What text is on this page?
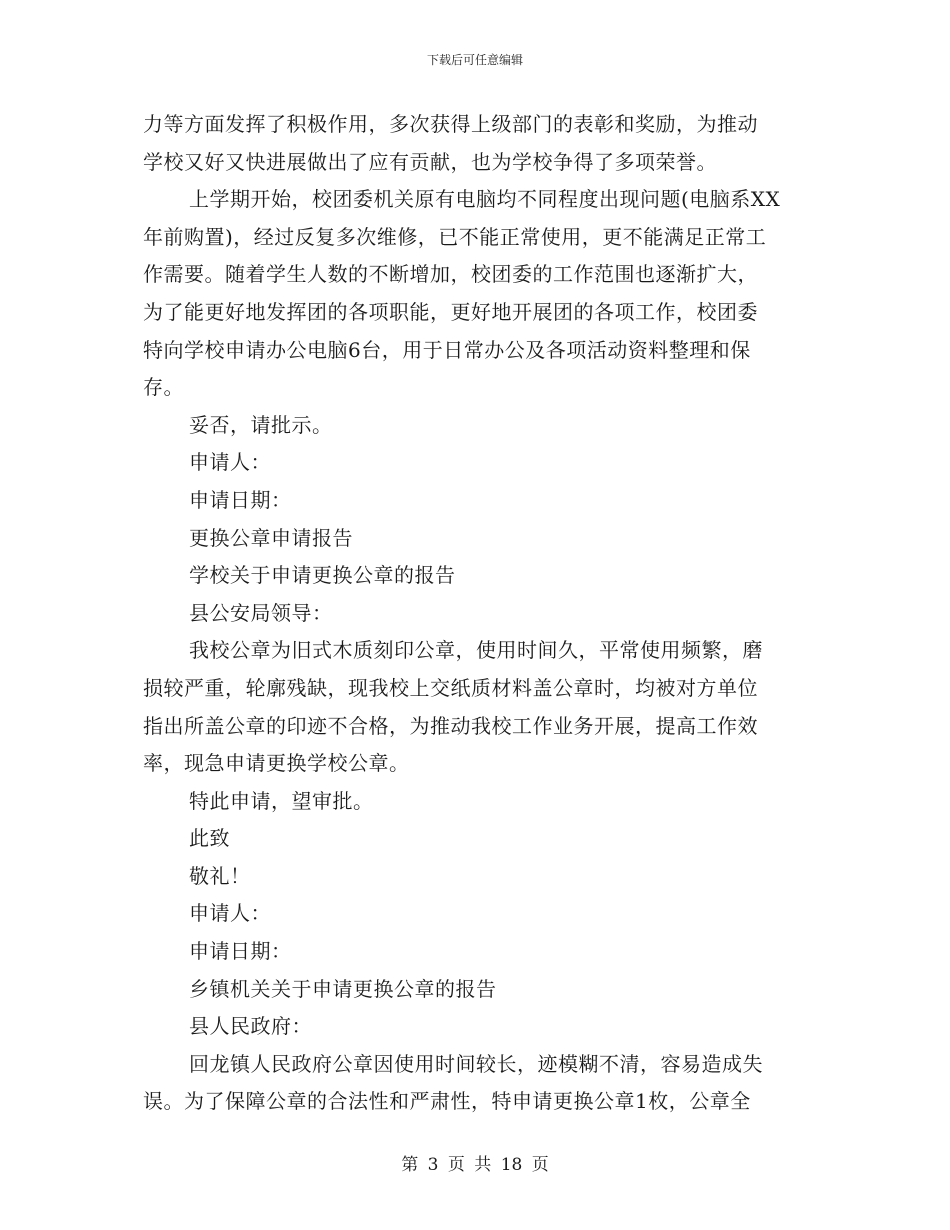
下载后可任意编辑
力等方面发挥了积极作用，多次获得上级部门的表彰和奖励，为推动
学校又好又快进展做出了应有贡献，也为学校争得了多项荣誉。
上学期开始，校团委机关原有电脑均不同程度出现问题(电脑系XX
年前购置)，经过反复多次维修，已不能正常使用，更不能满足正常工
作需要。随着学生人数的不断增加，校团委的工作范围也逐渐扩大，
为了能更好地发挥团的各项职能，更好地开展团的各项工作，校团委
特向学校申请办公电脑6台，用于日常办公及各项活动资料整理和保
存。
妥否，请批示。
申请人：
申请日期：
更换公章申请报告
学校关于申请更换公章的报告
县公安局领导：
我校公章为旧式木质刻印公章，使用时间久，平常使用频繁，磨
损较严重，轮廓残缺，现我校上交纸质材料盖公章时，均被对方单位
指出所盖公章的印迹不合格，为推动我校工作业务开展，提高工作效
率，现急申请更换学校公章。
特此申请，望审批。
此致
敬礼！
申请人：
申请日期：
乡镇机关关于申请更换公章的报告
县人民政府：
回龙镇人民政府公章因使用时间较长，迹模糊不清，容易造成失
误。为了保障公章的合法性和严肃性，特申请更换公章1枚，公章全
第 3 页 共 18 页
